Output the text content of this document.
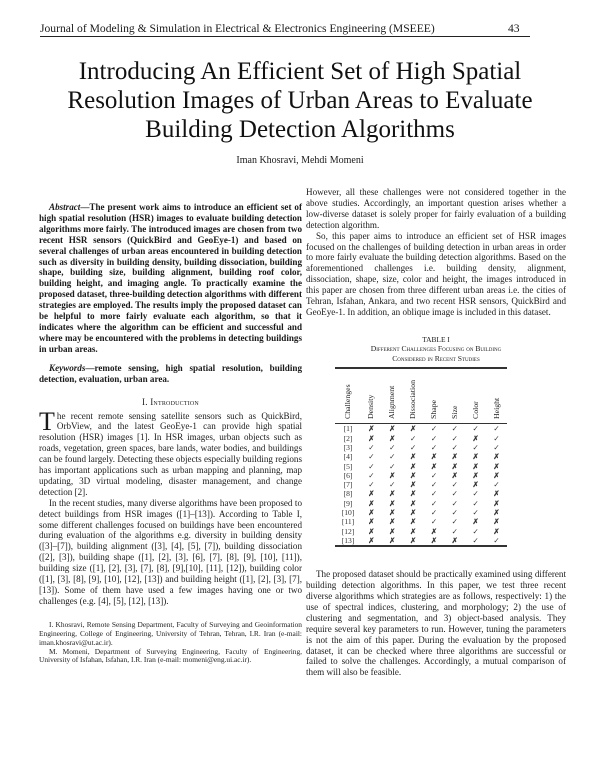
Journal of Modeling & Simulation in Electrical & Electronics Engineering (MSEEE)	43
Introducing An Efficient Set of High Spatial
Resolution Images of Urban Areas to Evaluate
Building Detection Algorithms
Iman Khosravi, Mehdi Momeni
Abstract—The present work aims to introduce an efficient set of high spatial resolution (HSR) images to evaluate building detection algorithms more fairly. The introduced images are chosen from two recent HSR sensors (QuickBird and GeoEye-1) and based on several challenges of urban areas encountered in building detection such as diversity in building density, building dissociation, building shape, building size, building alignment, building roof color, building height, and imaging angle. To practically examine the proposed dataset, three-building detection algorithms with different strategies are employed. The results imply the proposed dataset can be helpful to more fairly evaluate each algorithm, so that it indicates where the algorithm can be efficient and successful and where may be encountered with the problems in detecting buildings in urban areas.
Keywords—remote sensing, high spatial resolution, building detection, evaluation, urban area.
I. Introduction
The recent remote sensing satellite sensors such as QuickBird, OrbView, and the latest GeoEye-1 can provide high spatial resolution (HSR) images [1]. In HSR images, urban objects such as roads, vegetation, green spaces, bare lands, water bodies, and buildings can be found largely. Detecting these objects especially building regions has important applications such as urban mapping and planning, map updating, 3D virtual modeling, disaster management, and change detection [2].
In the recent studies, many diverse algorithms have been proposed to detect buildings from HSR images ([1]–[13]). According to Table I, some different challenges focused on buildings have been encountered during evaluation of the algorithms e.g. diversity in building density ([3]–[7]), building alignment ([3], [4], [5], [7]), building dissociation ([2], [3]), building shape ([1], [2], [3], [6], [7], [8], [9], [10], [11]), building size ([1], [2], [3], [7], [8], [9],[10], [11], [12]), building color ([1], [3], [8], [9], [10], [12], [13]) and building height ([1], [2], [3], [7], [13]). Some of them have used a few images having one or two challenges (e.g. [4], [5], [12], [13]).
I. Khosravi, Remote Sensing Department, Faculty of Surveying and Geoinformation Engineering, College of Engineering, University of Tehran, Tehran, I.R. Iran (e-mail: iman.khosravi@ut.ac.ir).
M. Momeni, Department of Surveying Engineering, Faculty of Engineering, University of Isfahan, Isfahan, I.R. Iran (e-mail: momeni@eng.ui.ac.ir).
However, all these challenges were not considered together in the above studies. Accordingly, an important question arises whether a low-diverse dataset is solely proper for fairly evaluation of a building detection algorithm.
So, this paper aims to introduce an efficient set of HSR images focused on the challenges of building detection in urban areas in order to more fairly evaluate the building detection algorithms. Based on the aforementioned challenges i.e. building density, alignment, dissociation, shape, size, color and height, the images introduced in this paper are chosen from three different urban areas i.e. the cities of Tehran, Isfahan, Ankara, and two recent HSR sensors, QuickBird and GeoEye-1. In addition, an oblique image is included in this dataset.
TABLE I
Different Challenges Focusing on Building
Considered in Recent Studies
Challenges	Density	Alignment	Dissociation	Shape	Size	Color	Height

[1]	✗	✗	✗	✓	✓	✓	✓
[2]	✗	✗	✓	✓	✓	✗	✓
[3]	✓	✓	✓	✓	✓	✓	✓
[4]	✓	✓	✗	✗	✗	✗	✗
[5]	✓	✓	✗	✗	✗	✗	✗
[6]	✓	✗	✗	✓	✗	✗	✗
[7]	✓	✓	✗	✓	✓	✗	✓
[8]	✗	✗	✗	✓	✓	✓	✗
[9]	✗	✗	✗	✓	✓	✓	✗
[10]	✗	✗	✗	✓	✓	✓	✗
[11]	✗	✗	✗	✓	✓	✗	✗
[12]	✗	✗	✗	✗	✓	✓	✗
[13]	✗	✗	✗	✗	✗	✓	✓
The proposed dataset should be practically examined using different building detection algorithms. In this paper, we test three recent diverse algorithms which strategies are as follows, respectively: 1) the use of spectral indices, clustering, and morphology; 2) the use of clustering and segmentation, and 3) object-based analysis. They require several key parameters to run. However, tuning the parameters is not the aim of this paper. During the evaluation by the proposed dataset, it can be checked where three algorithms are successful or failed to solve the challenges. Accordingly, a mutual comparison of them will also be feasible.
